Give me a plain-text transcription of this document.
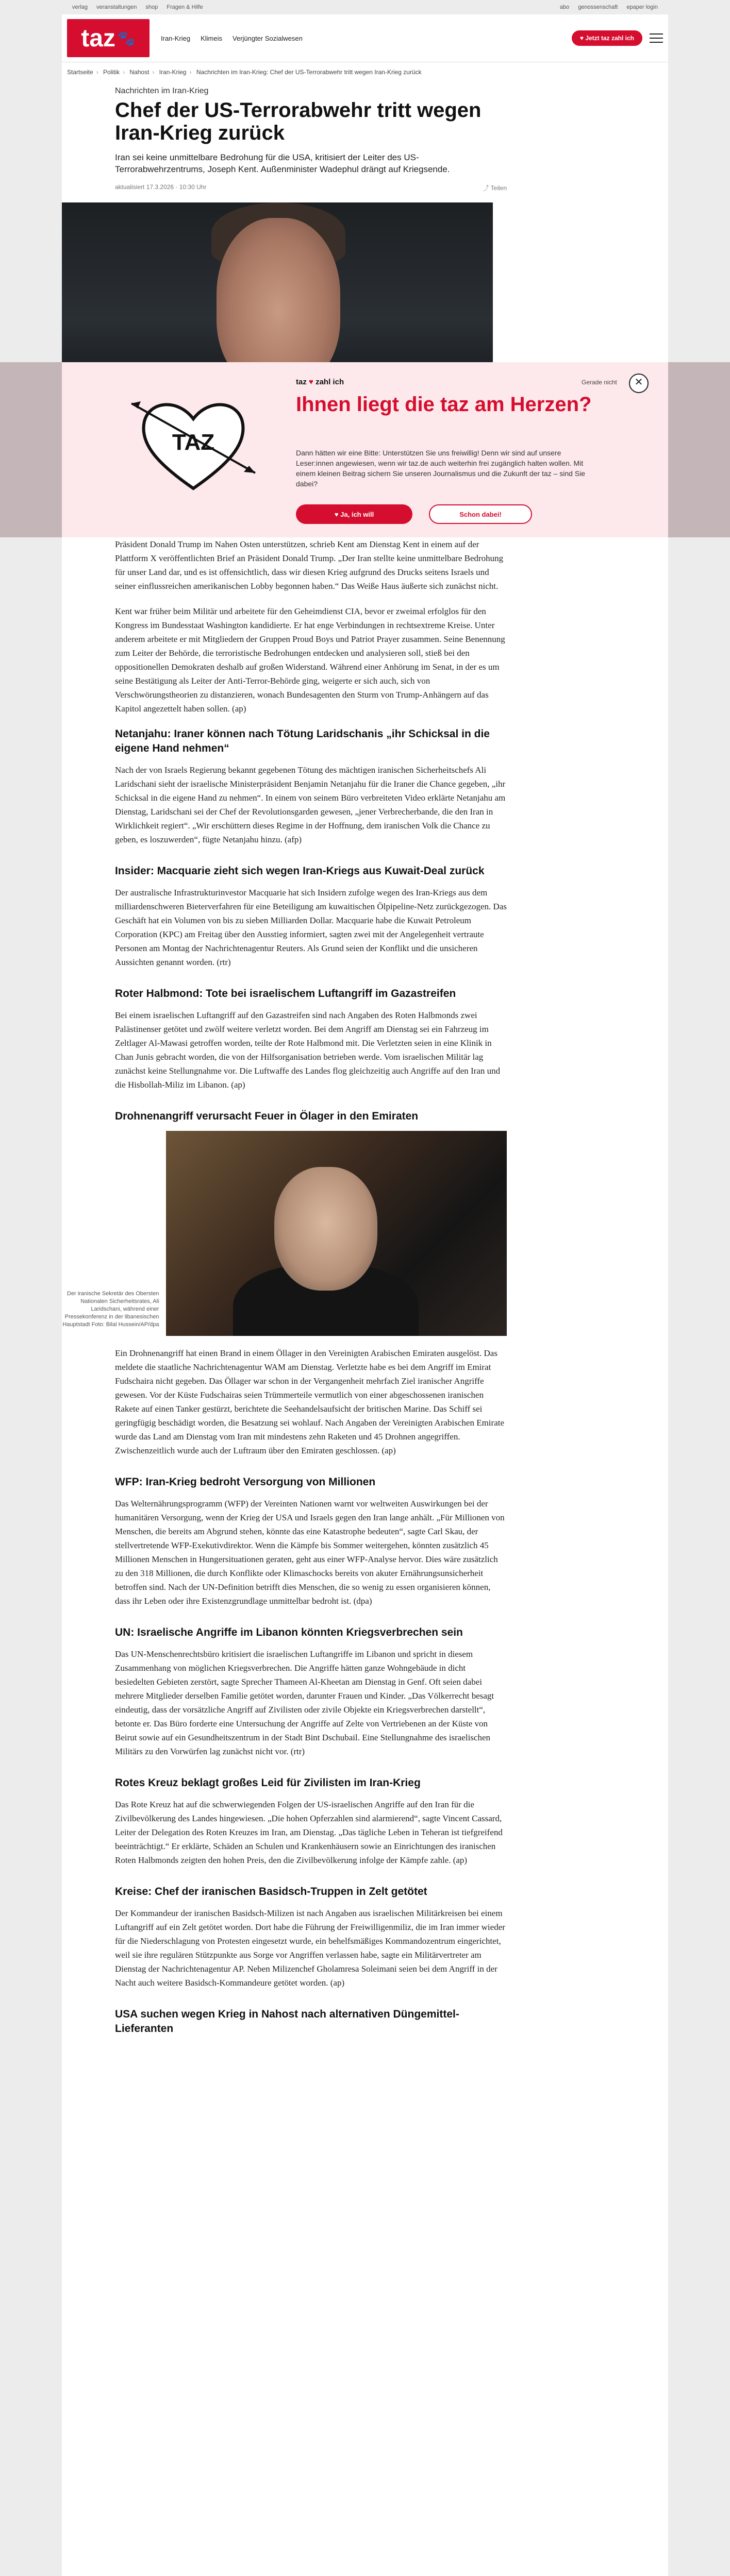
verlag veranstaltungen shop Fragen & Hilfe	abo genossenschaft epaper login
taz 🐾	Iran-Krieg Klimeis Verjüngter Sozialwesen	♥ Jetzt taz zahl ich
Startseite › Politik › Nahost › Iran-Krieg › Nachrichten im Iran-Krieg: Chef der US-Terrorabwehr tritt wegen Iran-Krieg zurück
Nachrichten im Iran-Krieg
Chef der US-Terrorabwehr tritt wegen Iran-Krieg zurück

Iran sei keine unmittelbare Bedrohung für die USA, kritisiert der Leiter des US-Terrorabwehrzentrums, Joseph Kent. Außenminister Wadephul drängt auf Kriegsende.

aktualisiert 17.3.2026 · 10:30 Uhr	⤴ Teilen

Präsident Donald Trump im Nahen Osten unterstützen, schrieb Kent am Dienstag Kent in einem auf der Plattform X veröffentlichten Brief an Präsident Donald Trump. „Der Iran stellte keine unmittelbare Bedrohung für unser Land dar, und es ist offensichtlich, dass wir diesen Krieg aufgrund des Drucks seitens Israels und seiner einflussreichen amerikanischen Lobby begonnen haben.“ Das Weiße Haus äußerte sich zunächst nicht.

Kent war früher beim Militär und arbeitete für den Geheimdienst CIA, bevor er zweimal erfolglos für den Kongress im Bundesstaat Washington kandidierte. Er hat enge Verbindungen in rechtsextreme Kreise. Unter anderem arbeitete er mit Mitgliedern der Gruppen Proud Boys und Patriot Prayer zusammen. Seine Benennung zum Leiter der Behörde, die terroristische Bedrohungen entdecken und analysieren soll, stieß bei den oppositionellen Demokraten deshalb auf großen Widerstand. Während einer Anhörung im Senat, in der es um seine Bestätigung als Leiter der Anti-Terror-Behörde ging, weigerte er sich auch, sich von Verschwörungstheorien zu distanzieren, wonach Bundesagenten den Sturm von Trump-Anhängern auf das Kapitol angezettelt haben sollen. (ap)

Netanjahu: Iraner können nach Tötung Laridschanis „ihr Schicksal in die eigene Hand nehmen“

Nach der von Israels Regierung bekannt gegebenen Tötung des mächtigen iranischen Sicherheitschefs Ali Laridschani sieht der israelische Ministerpräsident Benjamin Netanjahu für die Iraner die Chance gegeben, „ihr Schicksal in die eigene Hand zu nehmen“. In einem von seinem Büro verbreiteten Video erklärte Netanjahu am Dienstag, Laridschani sei der Chef der Revolutionsgarden gewesen, „jener Verbrecherbande, die den Iran in Wirklichkeit regiert“. „Wir erschüttern dieses Regime in der Hoffnung, dem iranischen Volk die Chance zu geben, es loszuwerden“, fügte Netanjahu hinzu. (afp)

Insider: Macquarie zieht sich wegen Iran-Kriegs aus Kuwait-Deal zurück

Der australische Infrastrukturinvestor Macquarie hat sich Insidern zufolge wegen des Iran-Kriegs aus dem milliardenschweren Bieterverfahren für eine Beteiligung am kuwaitischen Ölpipeline-Netz zurückgezogen. Das Geschäft hat ein Volumen von bis zu sieben Milliarden Dollar. Macquarie habe die Kuwait Petroleum Corporation (KPC) am Freitag über den Ausstieg informiert, sagten zwei mit der Angelegenheit vertraute Personen am Montag der Nachrichtenagentur Reuters. Als Grund seien der Konflikt und die unsicheren Aussichten genannt worden. (rtr)

Roter Halbmond: Tote bei israelischem Luftangriff im Gazastreifen

Bei einem israelischen Luftangriff auf den Gazastreifen sind nach Angaben des Roten Halbmonds zwei Palästinenser getötet und zwölf weitere verletzt worden. Bei dem Angriff am Dienstag sei ein Fahrzeug im Zeltlager Al-Mawasi getroffen worden, teilte der Rote Halbmond mit. Die Verletzten seien in eine Klinik in Chan Junis gebracht worden, die von der Hilfsorganisation betrieben werde. Vom israelischen Militär lag zunächst keine Stellungnahme vor. Die Luftwaffe des Landes flog gleichzeitig auch Angriffe auf den Iran und die Hisbollah-Miliz im Libanon. (ap)

Drohnenangriff verursacht Feuer in Ölager in den Emiraten
Der iranische Sekretär des Obersten Nationalen Sicherheitsrates, Ali Laridschani, während einer Pressekonferenz in der libanesischen Hauptstadt Foto: Bilal Hussein/AP/dpa

Ein Drohnenangriff hat einen Brand in einem Öllager in den Vereinigten Arabischen Emiraten ausgelöst. Das meldete die staatliche Nachrichtenagentur WAM am Dienstag. Verletzte habe es bei dem Angriff im Emirat Fudschaira nicht gegeben. Das Öllager war schon in der Vergangenheit mehrfach Ziel iranischer Angriffe gewesen. Vor der Küste Fudschairas seien Trümmerteile vermutlich von einer abgeschossenen iranischen Rakete auf einen Tanker gestürzt, berichtete die Seehandelsaufsicht der britischen Marine. Das Schiff sei geringfügig beschädigt worden, die Besatzung sei wohlauf. Nach Angaben der Vereinigten Arabischen Emirate wurde das Land am Dienstag vom Iran mit mindestens zehn Raketen und 45 Drohnen angegriffen. Zwischenzeitlich wurde auch der Luftraum über den Emiraten geschlossen. (ap)

WFP: Iran-Krieg bedroht Versorgung von Millionen

Das Welternährungsprogramm (WFP) der Vereinten Nationen warnt vor weltweiten Auswirkungen bei der humanitären Versorgung, wenn der Krieg der USA und Israels gegen den Iran lange anhält. „Für Millionen von Menschen, die bereits am Abgrund stehen, könnte das eine Katastrophe bedeuten“, sagte Carl Skau, der stellvertretende WFP-Exekutivdirektor. Wenn die Kämpfe bis Sommer weitergehen, könnten zusätzlich 45 Millionen Menschen in Hungersituationen geraten, geht aus einer WFP-Analyse hervor. Dies wäre zusätzlich zu den 318 Millionen, die durch Konflikte oder Klimaschocks bereits von akuter Ernährungsunsicherheit betroffen sind. Nach der UN-Definition betrifft dies Menschen, die so wenig zu essen organisieren können, dass ihr Leben oder ihre Existenzgrundlage unmittelbar bedroht ist. (dpa)

UN: Israelische Angriffe im Libanon könnten Kriegsverbrechen sein

Das UN-Menschenrechtsbüro kritisiert die israelischen Luftangriffe im Libanon und spricht in diesem Zusammenhang von möglichen Kriegsverbrechen. Die Angriffe hätten ganze Wohngebäude in dicht besiedelten Gebieten zerstört, sagte Sprecher Thameen Al-Kheetan am Dienstag in Genf. Oft seien dabei mehrere Mitglieder derselben Familie getötet worden, darunter Frauen und Kinder. „Das Völkerrecht besagt eindeutig, dass der vorsätzliche Angriff auf Zivilisten oder zivile Objekte ein Kriegsverbrechen darstellt“, betonte er. Das Büro forderte eine Untersuchung der Angriffe auf Zelte von Vertriebenen an der Küste von Beirut sowie auf ein Gesundheitszentrum in der Stadt Bint Dschubail. Eine Stellungnahme des israelischen Militärs zu den Vorwürfen lag zunächst nicht vor. (rtr)

Rotes Kreuz beklagt großes Leid für Zivilisten im Iran-Krieg

Das Rote Kreuz hat auf die schwerwiegenden Folgen der US-israelischen Angriffe auf den Iran für die Zivilbevölkerung des Landes hingewiesen. „Die hohen Opferzahlen sind alarmierend“, sagte Vincent Cassard, Leiter der Delegation des Roten Kreuzes im Iran, am Dienstag. „Das tägliche Leben in Teheran ist tiefgreifend beeinträchtigt.“ Er erklärte, Schäden an Schulen und Krankenhäusern sowie an Einrichtungen des iranischen Roten Halbmonds zeigten den hohen Preis, den die Zivilbevölkerung infolge der Kämpfe zahle. (ap)

Kreise: Chef der iranischen Basidsch-Truppen in Zelt getötet

Der Kommandeur der iranischen Basidsch-Milizen ist nach Angaben aus israelischen Militärkreisen bei einem Luftangriff auf ein Zelt getötet worden. Dort habe die Führung der Freiwilligenmiliz, die im Iran immer wieder für die Niederschlagung von Protesten eingesetzt wurde, ein behelfsmäßiges Kommandozentrum eingerichtet, weil sie ihre regulären Stützpunkte aus Sorge vor Angriffen verlassen habe, sagte ein Militärvertreter am Dienstag der Nachrichtenagentur AP. Neben Milizenchef Gholamresa Soleimani seien bei dem Angriff in der Nacht auch weitere Basidsch-Kommandeure getötet worden. (ap)

USA suchen wegen Krieg in Nahost nach alternativen Düngemittel-Lieferanten
TAZ
taz ♥ zahl ich

Ihnen liegt die taz am Herzen?

Dann hätten wir eine Bitte: Unterstützen Sie uns freiwillig! Denn wir sind auf unsere Leser:innen angewiesen, wenn wir taz.de auch weiterhin frei zugänglich halten wollen. Mit einem kleinen Beitrag sichern Sie unseren Journalismus und die Zukunft der taz – sind Sie dabei?

Gerade nicht	✕
♥ Ja, ich will	Schon dabei!
